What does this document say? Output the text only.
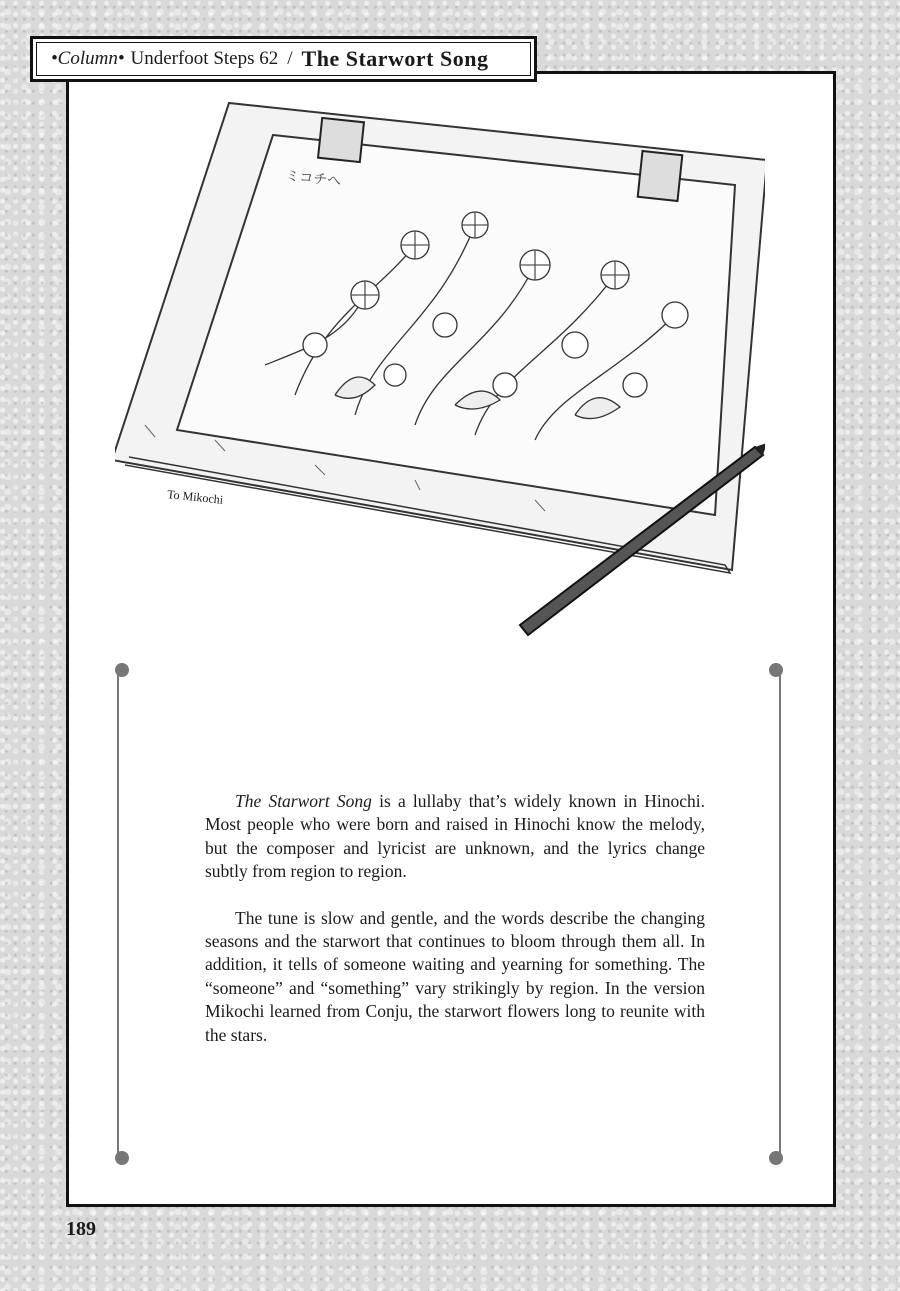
•Column• Underfoot Steps 62 / The Starwort Song
ミコチへ
To Mikochi

The Starwort Song is a lullaby that’s widely known in Hinochi. Most people who were born and raised in Hinochi know the melody, but the composer and lyricist are unknown, and the lyrics change subtly from region to region.

The tune is slow and gentle, and the words describe the changing seasons and the starwort that continues to bloom through them all. In addition, it tells of someone waiting and yearning for something. The “someone” and “something” vary strikingly by region. In the version Mikochi learned from Conju, the starwort flowers long to reunite with the stars.

189
